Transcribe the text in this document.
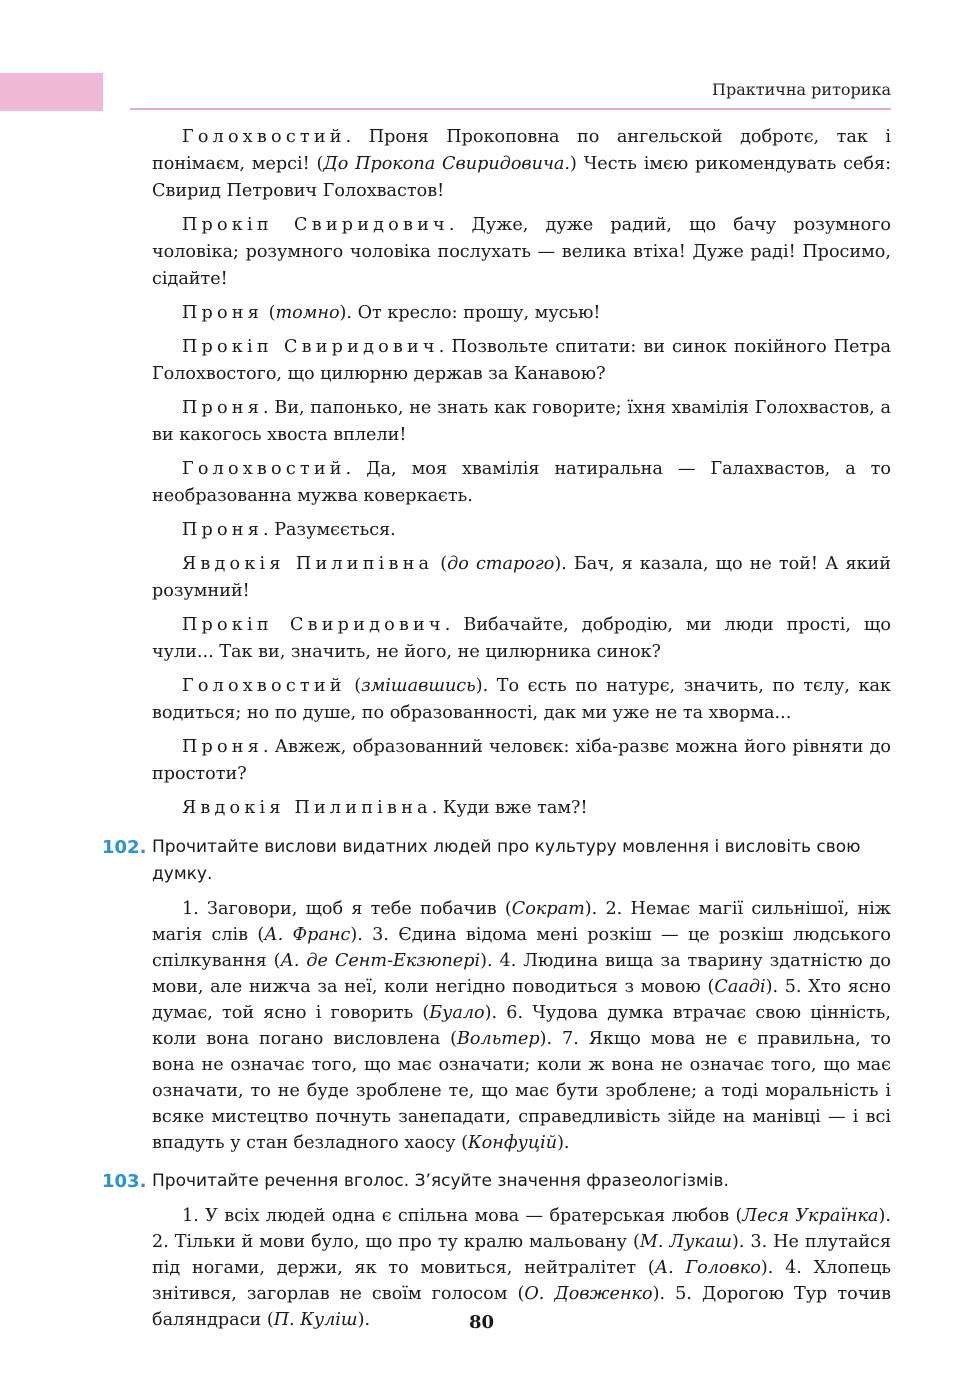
Практична риторика

Голохвостий. Проня Прокоповна по ангельской добротє, так і понімаєм, мерсі! (До Прокопа Свиридовича.) Честь імєю рикомендувать себя: Свирид Петрович Голохвастов!

Прокіп Свиридович. Дуже, дуже радий, що бачу розумного чоловіка; розумного чоловіка послухать — велика втіха! Дуже раді! Просимо, сідайте!

Проня (томно). От кресло: прошу, мусью!

Прокіп Свиридович. Позвольте спитати: ви синок покійного Петра Голохвостого, що цилюрню держав за Канавою?

Проня. Ви, папонько, не знать как говорите; їхня хвамілія Голохвастов, а ви какогось хвоста вплели!

Голохвостий. Да, моя хвамілія натиральна — Галахвастов, а то необразованна мужва коверкаєть.

Проня. Разумєється.

Явдокія Пилипівна (до старого). Бач, я казала, що не той! А який розумний!

Прокіп Свиридович. Вибачайте, добродію, ми люди прості, що чули... Так ви, значить, не його, не цилюрника синок?

Голохвостий (змішавшись). То єсть по натурє, значить, по тєлу, как водиться; но по душе, по образованності, дак ми уже не та хворма...

Проня. Авжеж, образованний человєк: хіба-развє можна його рівняти до простоти?

Явдокія Пилипівна. Куди вже там?!

102. Прочитайте вислови видатних людей про культуру мовлення і висловіть свою думку.

1. Заговори, щоб я тебе побачив (Сократ). 2. Немає магії сильнішої, ніж магія слів (А. Франс). 3. Єдина відома мені розкіш — це розкіш людського спілкування (А. де Сент-Екзюпері). 4. Людина вища за тварину здатністю до мови, але нижча за неї, коли негідно поводиться з мовою (Сааді). 5. Хто ясно думає, той ясно і говорить (Буало). 6. Чудова думка втрачає свою цінність, коли вона погано висловлена (Вольтер). 7. Якщо мова не є правильна, то вона не означає того, що має означати; коли ж вона не означає того, що має означати, то не буде зроблене те, що має бути зроблене; а тоді моральність і всяке мистецтво почнуть занепадати, справедливість зійде на манівці — і всі впадуть у стан безладного хаосу (Конфуцій).

103. Прочитайте речення вголос. З’ясуйте значення фразеологізмів.

1. У всіх людей одна є спільна мова — братерськая любов (Леся Українка). 2. Тільки й мови було, що про ту кралю мальовану (М. Лукаш). 3. Не плутайся під ногами, держи, як то мовиться, нейтралітет (А. Головко). 4. Хлопець знітився, загорлав не своїм голосом (О. Довженко). 5. Дорогою Тур точив баляндраси (П. Куліш).	80
